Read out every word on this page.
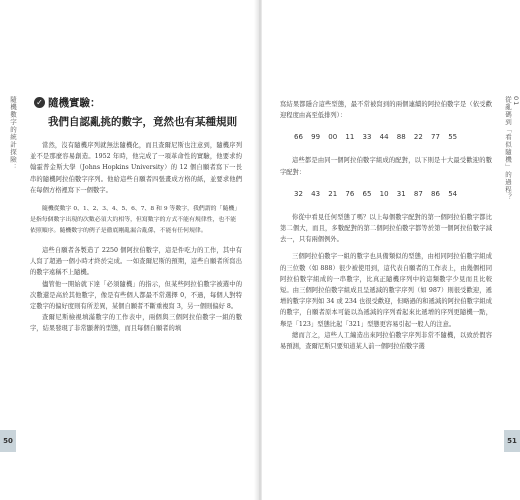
隨機數字的統計探險： ✓ 隨機實驗：
我們自認亂挑的數字，竟然也有某種規則

當然，沒有隨機序列就無法隨機化，而且查爾尼斯也注意到，隨機序列並不是那麼容易創造。1952 年時，他完成了一項革命性的實驗，他要求約翰霍普金斯大學（Johns Hopkins University）的 12 個自願者寫下一長串的隨機阿拉伯數字序列。他給這些自願者四張畫成方格的紙，並要求他們在每個方格裡寫下一個數字。

隨機從數字 0、1、2、3、4、5、6、7、8 和 9 等數字，我們謂的「隨機」是指每個數字出現的次數必須大約相等，但寫數字的方式不能有規律性，也不能依照順序。隨機數字的例子是徹底剛亂漏合亂係，不能有任何規律。

這些自願者各製造了 2250 個阿拉伯數字，這是件吃力的工作，其中有人寫了超過一個小時才終於完成。一如查爾尼斯的預期，這些自願者所寫出的數字遠稱不上隨機。

儘管他一開始就下達「必須隨機」的指示，但某些阿拉伯數字被選中的次數還是高於其他數字，像是有些個人都最不常選擇 0，不過，每個人對特定數字的偏好度則有所差異，某個自願者不斷重複寫 3，另一個則偏好 8。

查爾尼斯檢視填滿數字的工作表中，兩個與三個阿拉伯數字一組的數字，結果發現了非常顯著的型態，而且每個自願者的填

50

寫結果都隱合這些型態，最不常被寫到的兩個連續的阿拉伯數字是（依受歡迎程度由高至低排列）：

66 99 00 11 33 44 88 22 77 55

這些都是由同一個阿拉伯數字組成的配對，以下則是十大最受歡迎的數字配對：

32 43 21 76 65 10 31 87 86 54

你從中看見任何型態了嗎？以上每個數字配對的第一個阿拉伯數字都比第二個大，而且，多數配對的第二個阿拉伯數字都等於第一個阿拉伯數字減去一，只有兩個例外。

三個阿拉伯數字一組的數字也具備類似的型態，由相同阿拉伯數字組成的三位數（如 888）很少被使用到，這代表自願者的工作表上，由幾個相同阿拉伯數字組成的一串數字，比真正隨機序列中的這類數字少見而且比較短。由三個阿拉伯數字組成且呈遞減的數字序列（如 987）則很受歡迎，遞增的數字序列如 34 或 234 也很受歡迎，但略過的和遞減的阿拉伯數字組成的數字，自願者原本可能以為遞減的序列看起來比遞增的序列更隨機一點，舉是「123」型態比起「321」型態更容易引起一般人的注意。

總而言之，這些人工編造出來阿拉伯數字序列非常不隨機，以致於假容易預測，查爾尼斯只要知道某人前一個阿拉伯數字選

01
從亂碼到「看似隨機」的過程？
51
